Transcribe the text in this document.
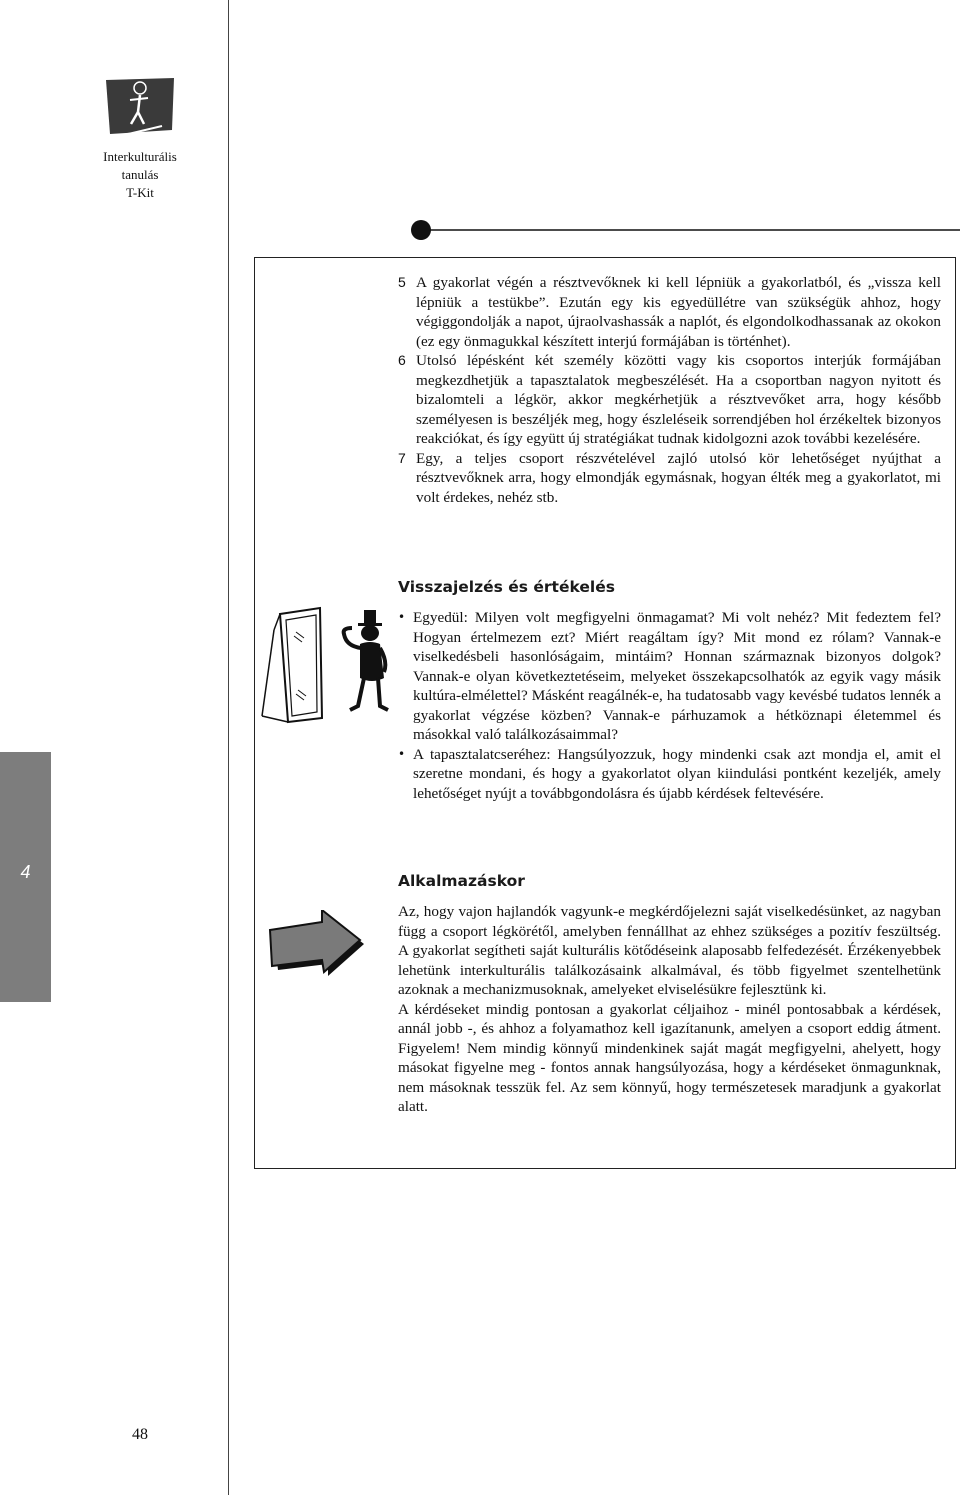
Interkulturális
tanulás
T-Kit
5 A gyakorlat végén a résztvevőknek ki kell lépniük a gyakorlatból, és „vissza kell lépniük a testükbe”. Ezután egy kis egyedüllétre van szükségük ahhoz, hogy végiggondolják a napot, újraolvashassák a naplót, és elgondolkodhassanak az okokon (ez egy önmagukkal készített interjú formájában is történhet).
6 Utolsó lépésként két személy közötti vagy kis csoportos interjúk formájában megkezdhetjük a tapasztalatok megbeszélését. Ha a csoportban nagyon nyitott és bizalomteli a légkör, akkor megkérhetjük a résztvevőket arra, hogy később személyesen is beszéljék meg, hogy észleléseik sorrendjében hol érzékeltek bizonyos reakciókat, és így együtt új stratégiákat tudnak kidolgozni azok további kezelésére.
7 Egy, a teljes csoport részvételével zajló utolsó kör lehetőséget nyújthat a résztvevőknek arra, hogy elmondják egymásnak, hogyan élték meg a gyakorlatot, mi volt érdekes, nehéz stb.
Visszajelzés és értékelés
• Egyedül: Milyen volt megfigyelni önmagamat? Mi volt nehéz? Mit fedeztem fel? Hogyan értelmezem ezt? Miért reagáltam így? Mit mond ez rólam? Vannak-e viselkedésbeli hasonlóságaim, mintáim? Honnan származnak bizonyos dolgok? Vannak-e olyan következtetéseim, melyeket összekapcsolhatók az egyik vagy másik kultúra-elmélettel? Másként reagálnék-e, ha tudatosabb vagy kevésbé tudatos lennék a gyakorlat végzése közben? Vannak-e párhuzamok a hétköznapi életemmel és másokkal való találkozásaimmal?
• A tapasztalatcseréhez: Hangsúlyozzuk, hogy mindenki csak azt mondja el, amit el szeretne mondani, és hogy a gyakorlatot olyan kiindulási pontként kezeljék, amely lehetőséget nyújt a továbbgondolásra és újabb kérdések feltevésére.
Alkalmazáskor

Az, hogy vajon hajlandók vagyunk-e megkérdőjelezni saját viselkedésünket, az nagyban függ a csoport légkörétől, amelyben fennállhat az ehhez szükséges a pozitív feszültség. A gyakorlat segítheti saját kulturális kötődéseink alaposabb felfedezését. Érzékenyebbek lehetünk interkulturális találkozásaink alkalmával, és több figyelmet szentelhetünk azoknak a mechanizmusoknak, amelyeket elviselésükre fejlesztünk ki.

A kérdéseket mindig pontosan a gyakorlat céljaihoz - minél pontosabbak a kérdések, annál jobb -, és ahhoz a folyamathoz kell igazítanunk, amelyen a csoport eddig átment. Figyelem! Nem mindig könnyű mindenkinek saját magát megfigyelni, ahelyett, hogy másokat figyelne meg - fontos annak hangsúlyozása, hogy a kérdéseket önmagunknak, nem másoknak tesszük fel. Az sem könnyű, hogy természetesek maradjunk a gyakorlat alatt.

4
48
